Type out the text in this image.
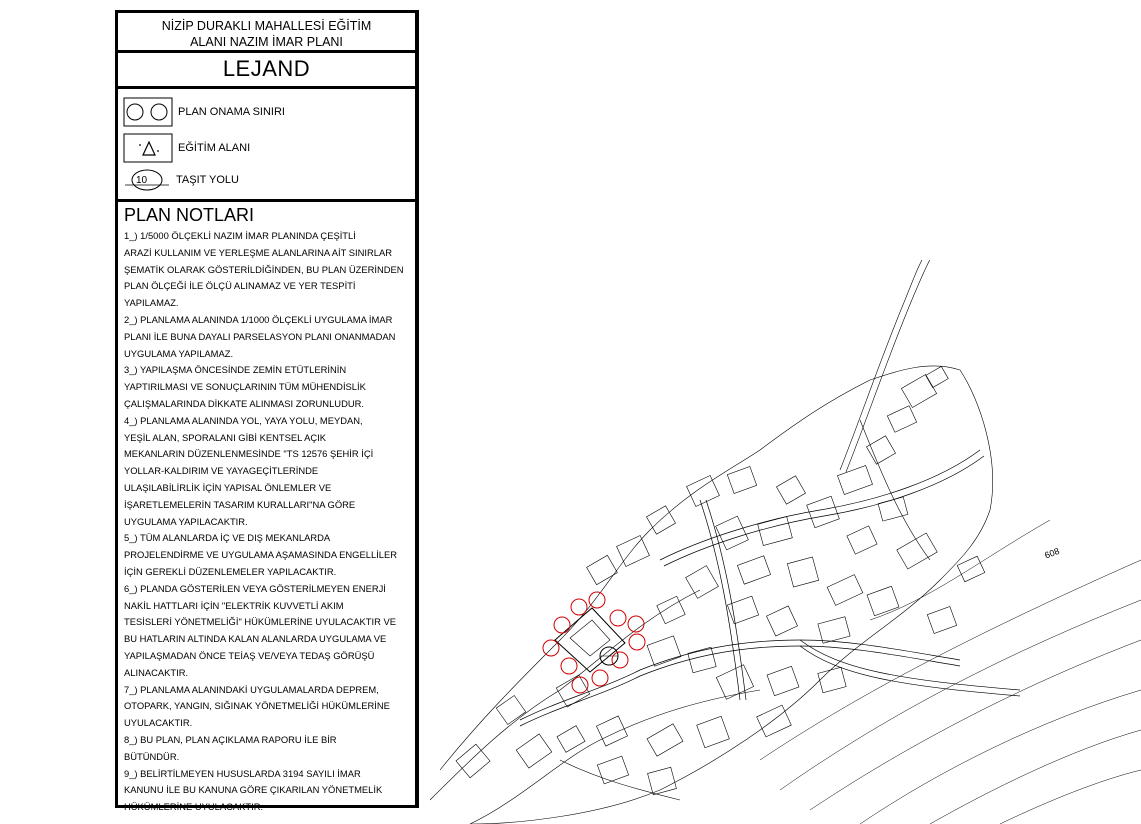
NİZİP DURAKLI MAHALLESİ EĞİTİM
ALANI NAZIM İMAR PLANI
LEJAND
PLAN ONAMA SINIRI
EĞİTİM ALANI
10	TAŞIT YOLU
PLAN NOTLARI

1_) 1/5000 ÖLÇEKLİ NAZIM İMAR PLANINDA ÇEŞİTLİ
ARAZİ KULLANIM VE YERLEŞME ALANLARINA AİT SINIRLAR
ŞEMATİK OLARAK GÖSTERİLDİĞİNDEN, BU PLAN ÜZERİNDEN
PLAN ÖLÇEĞİ İLE ÖLÇÜ ALINAMAZ VE YER TESPİTİ
YAPILAMAZ.

2_) PLANLAMA ALANINDA 1/1000 ÖLÇEKLİ UYGULAMA İMAR
PLANI İLE BUNA DAYALI PARSELASYON PLANI ONANMADAN
UYGULAMA YAPILAMAZ.

3_) YAPILAŞMA ÖNCESİNDE ZEMİN ETÜTLERİNİN
YAPTIRILMASI VE SONUÇLARININ TÜM MÜHENDİSLİK
ÇALIŞMALARINDA DİKKATE ALINMASI ZORUNLUDUR.

4_) PLANLAMA ALANINDA YOL, YAYA YOLU, MEYDAN,
YEŞİL ALAN, SPORALANI GİBİ KENTSEL AÇIK
MEKANLARIN DÜZENLENMESİNDE "TS 12576 ŞEHİR İÇİ
YOLLAR-KALDIRIM VE YAYAGEÇİTLERİNDE
ULAŞILABİLİRLİK İÇİN YAPISAL ÖNLEMLER VE
İŞARETLEMELERİN TASARIM KURALLARI"NA GÖRE
UYGULAMA YAPILACAKTIR.

5_) TÜM ALANLARDA İÇ VE DIŞ MEKANLARDA
PROJELENDİRME VE UYGULAMA AŞAMASINDA ENGELLİLER
İÇİN GEREKLİ DÜZENLEMELER YAPILACAKTIR.

6_) PLANDA GÖSTERİLEN VEYA GÖSTERİLMEYEN ENERJİ
NAKİL HATTLARI İÇİN "ELEKTRİK KUVVETLİ AKIM
TESİSLERİ YÖNETMELİĞİ" HÜKÜMLERİNE UYULACAKTIR VE
BU HATLARIN ALTINDA KALAN ALANLARDA UYGULAMA VE
YAPILAŞMADAN ÖNCE TEİAŞ VE/VEYA TEDAŞ GÖRÜŞÜ
ALINACAKTIR.

7_) PLANLAMA ALANINDAKİ UYGULAMALARDA DEPREM,
OTOPARK, YANGIN, SIĞINAK YÖNETMELİĞİ HÜKÜMLERİNE
UYULACAKTIR.

8_) BU PLAN, PLAN AÇIKLAMA RAPORU İLE BİR
BÜTÜNDÜR.

9_) BELİRTİLMEYEN HUSUSLARDA 3194 SAYILI İMAR
KANUNU İLE BU KANUNA GÖRE ÇIKARILAN YÖNETMELİK
HÜKÜMLERİNE UYULACAKTIR.

608
